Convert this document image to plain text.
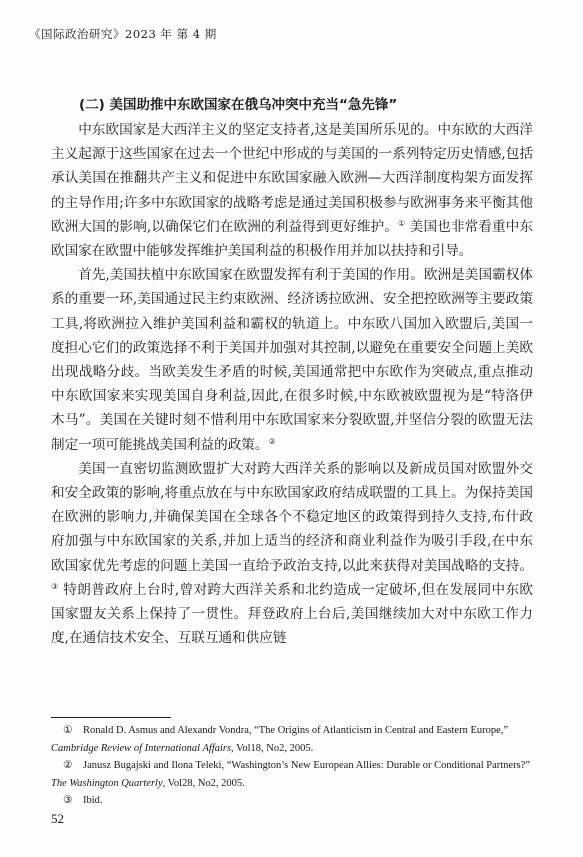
《国际政治研究》2023 年 第 4 期
(二) 美国助推中东欧国家在俄乌冲突中充当“急先锋”

中东欧国家是大西洋主义的坚定支持者,这是美国所乐见的。中东欧的大西洋主义起源于这些国家在过去一个世纪中形成的与美国的一系列特定历史情感,包括承认美国在推翻共产主义和促进中东欧国家融入欧洲—大西洋制度构架方面发挥的主导作用;许多中东欧国家的战略考虑是通过美国积极参与欧洲事务来平衡其他欧洲大国的影响,以确保它们在欧洲的利益得到更好维护。① 美国也非常看重中东欧国家在欧盟中能够发挥维护美国利益的积极作用并加以扶持和引导。

首先,美国扶植中东欧国家在欧盟发挥有利于美国的作用。欧洲是美国霸权体系的重要一环,美国通过民主约束欧洲、经济诱拉欧洲、安全把控欧洲等主要政策工具,将欧洲拉入维护美国利益和霸权的轨道上。中东欧八国加入欧盟后,美国一度担心它们的政策选择不利于美国并加强对其控制,以避免在重要安全问题上美欧出现战略分歧。当欧美发生矛盾的时候,美国通常把中东欧作为突破点,重点推动中东欧国家来实现美国自身利益,因此,在很多时候,中东欧被欧盟视为是“特洛伊木马”。美国在关键时刻不惜利用中东欧国家来分裂欧盟,并坚信分裂的欧盟无法制定一项可能挑战美国利益的政策。②

美国一直密切监测欧盟扩大对跨大西洋关系的影响以及新成员国对欧盟外交和安全政策的影响,将重点放在与中东欧国家政府结成联盟的工具上。为保持美国在欧洲的影响力,并确保美国在全球各个不稳定地区的政策得到持久支持,布什政府加强与中东欧国家的关系,并加上适当的经济和商业利益作为吸引手段,在中东欧国家优先考虑的问题上美国一直给予政治支持,以此来获得对美国战略的支持。③ 特朗普政府上台时,曾对跨大西洋关系和北约造成一定破坏,但在发展同中东欧国家盟友关系上保持了一贯性。拜登政府上台后,美国继续加大对中东欧工作力度,在通信技术安全、互联互通和供应链

① Ronald D. Asmus and Alexandr Vondra, “The Origins of Atlanticism in Central and Eastern Europe,” Cambridge Review of International Affairs, Vol18, No2, 2005.

② Janusz Bugajski and Ilona Teleki, “Washington’s New European Allies: Durable or Conditional Partners?” The Washington Quarterly, Vol28, No2, 2005.

③ Ibid.

52
